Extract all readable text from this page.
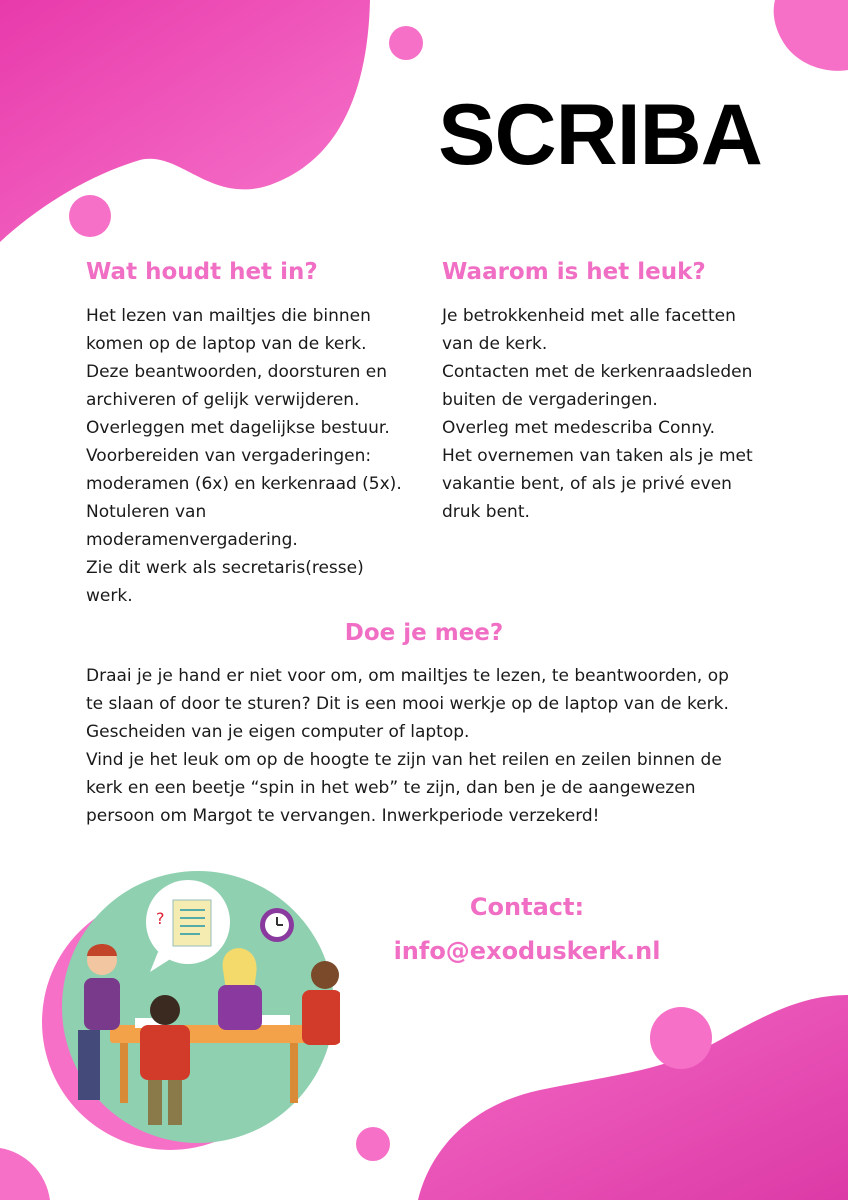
?
SCRIBA
Wat houdt het in?

Het lezen van mailtjes die binnen

komen op de laptop van de kerk.

Deze beantwoorden, doorsturen en

archiveren of gelijk verwijderen.

Overleggen met dagelijkse bestuur.

Voorbereiden van vergaderingen:

moderamen (6x) en kerkenraad (5x).

Notuleren van

moderamenvergadering.

Zie dit werk als secretaris(resse)

werk.

Waarom is het leuk?

Je betrokkenheid met alle facetten

van de kerk.

Contacten met de kerkenraadsleden

buiten de vergaderingen.

Overleg met medescriba Conny.

Het overnemen van taken als je met

vakantie bent, of als je privé even

druk bent.

Doe je mee?

Draai je je hand er niet voor om, om mailtjes te lezen, te beantwoorden, op

te slaan of door te sturen? Dit is een mooi werkje op de laptop van de kerk.

Gescheiden van je eigen computer of laptop.

Vind je het leuk om op de hoogte te zijn van het reilen en zeilen binnen de

kerk en een beetje “spin in het web” te zijn, dan ben je de aangewezen

persoon om Margot te vervangen. Inwerkperiode verzekerd!

Contact:
info@exoduskerk.nl
